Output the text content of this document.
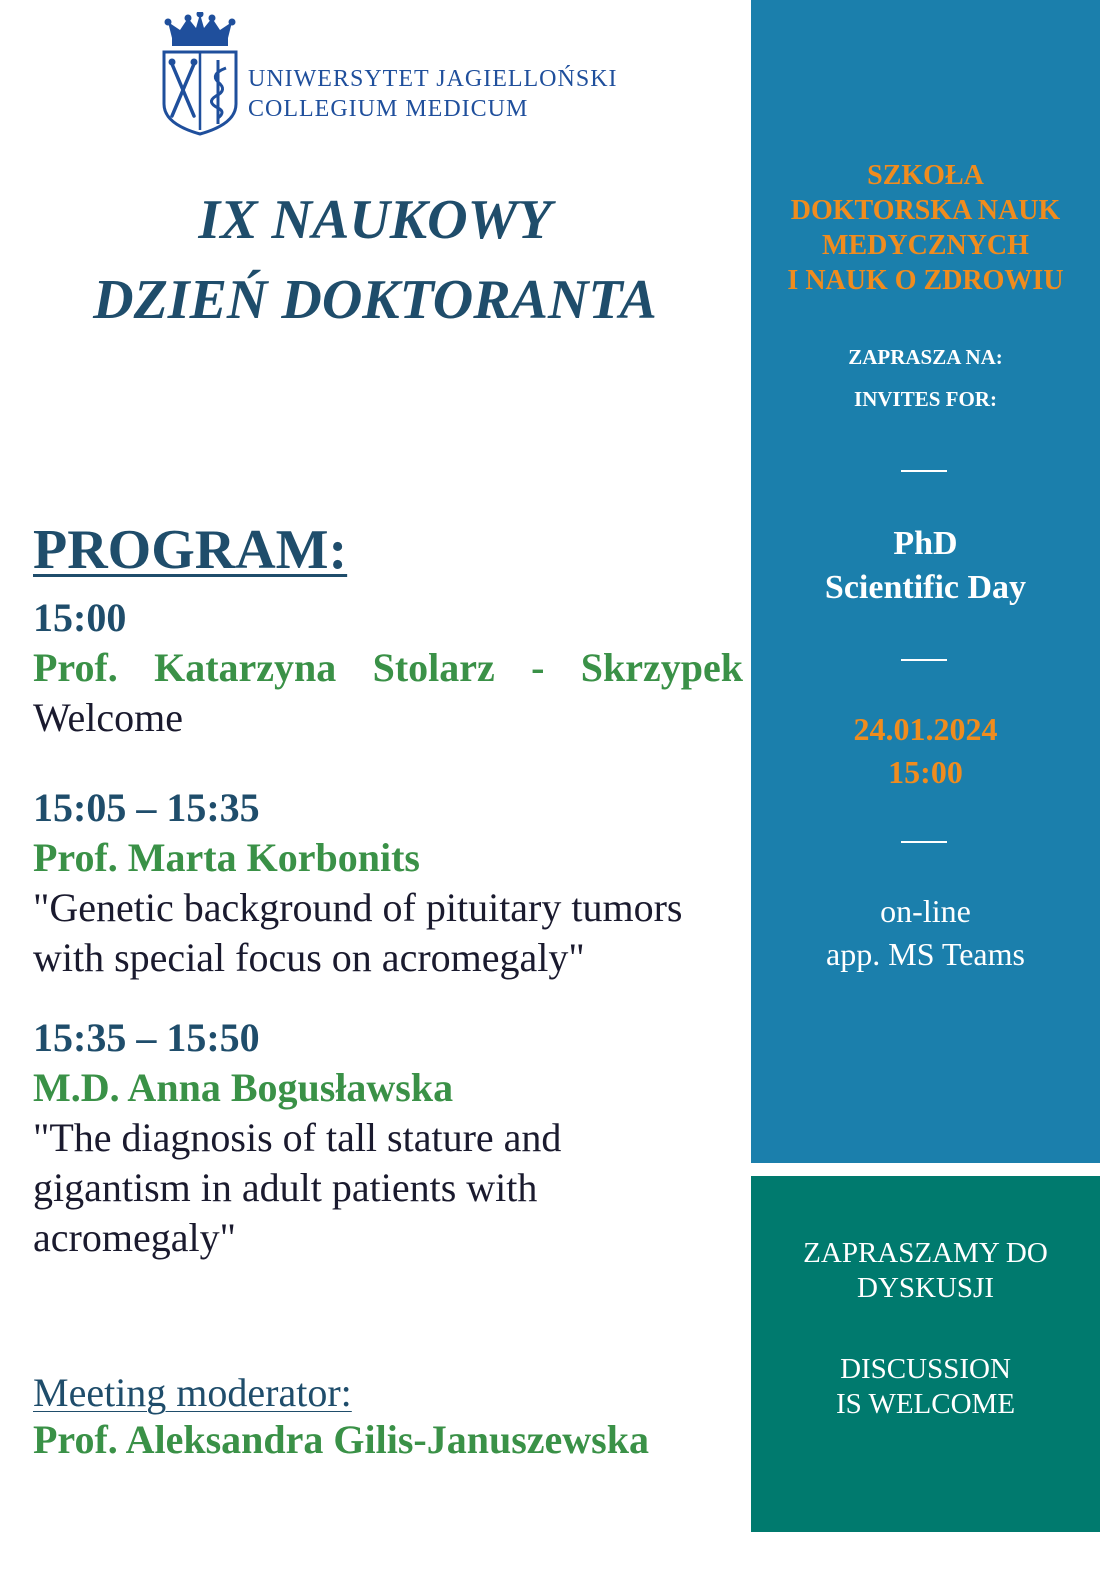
UNIWERSYTET JAGIELLOŃSKI
COLLEGIUM MEDICUM
IX NAUKOWY
DZIEŃ DOKTORANTA
PROGRAM:
15:00
Prof. Katarzyna Stolarz - Skrzypek
Welcome
15:05 – 15:35
Prof. Marta Korbonits
"Genetic background of pituitary tumors
with special focus on acromegaly"
15:35 – 15:50
M.D. Anna Bogusławska
"The diagnosis of tall stature and
gigantism in adult patients with
acromegaly"
Meeting moderator:
Prof. Aleksandra Gilis-Januszewska
SZKOŁA
DOKTORSKA NAUK
MEDYCZNYCH
I NAUK O ZDROWIU
ZAPRASZA NA:
INVITES FOR:
PhD
Scientific Day
24.01.2024
15:00
on-line
app. MS Teams
ZAPRASZAMY DO
DYSKUSJI
DISCUSSION
IS WELCOME
